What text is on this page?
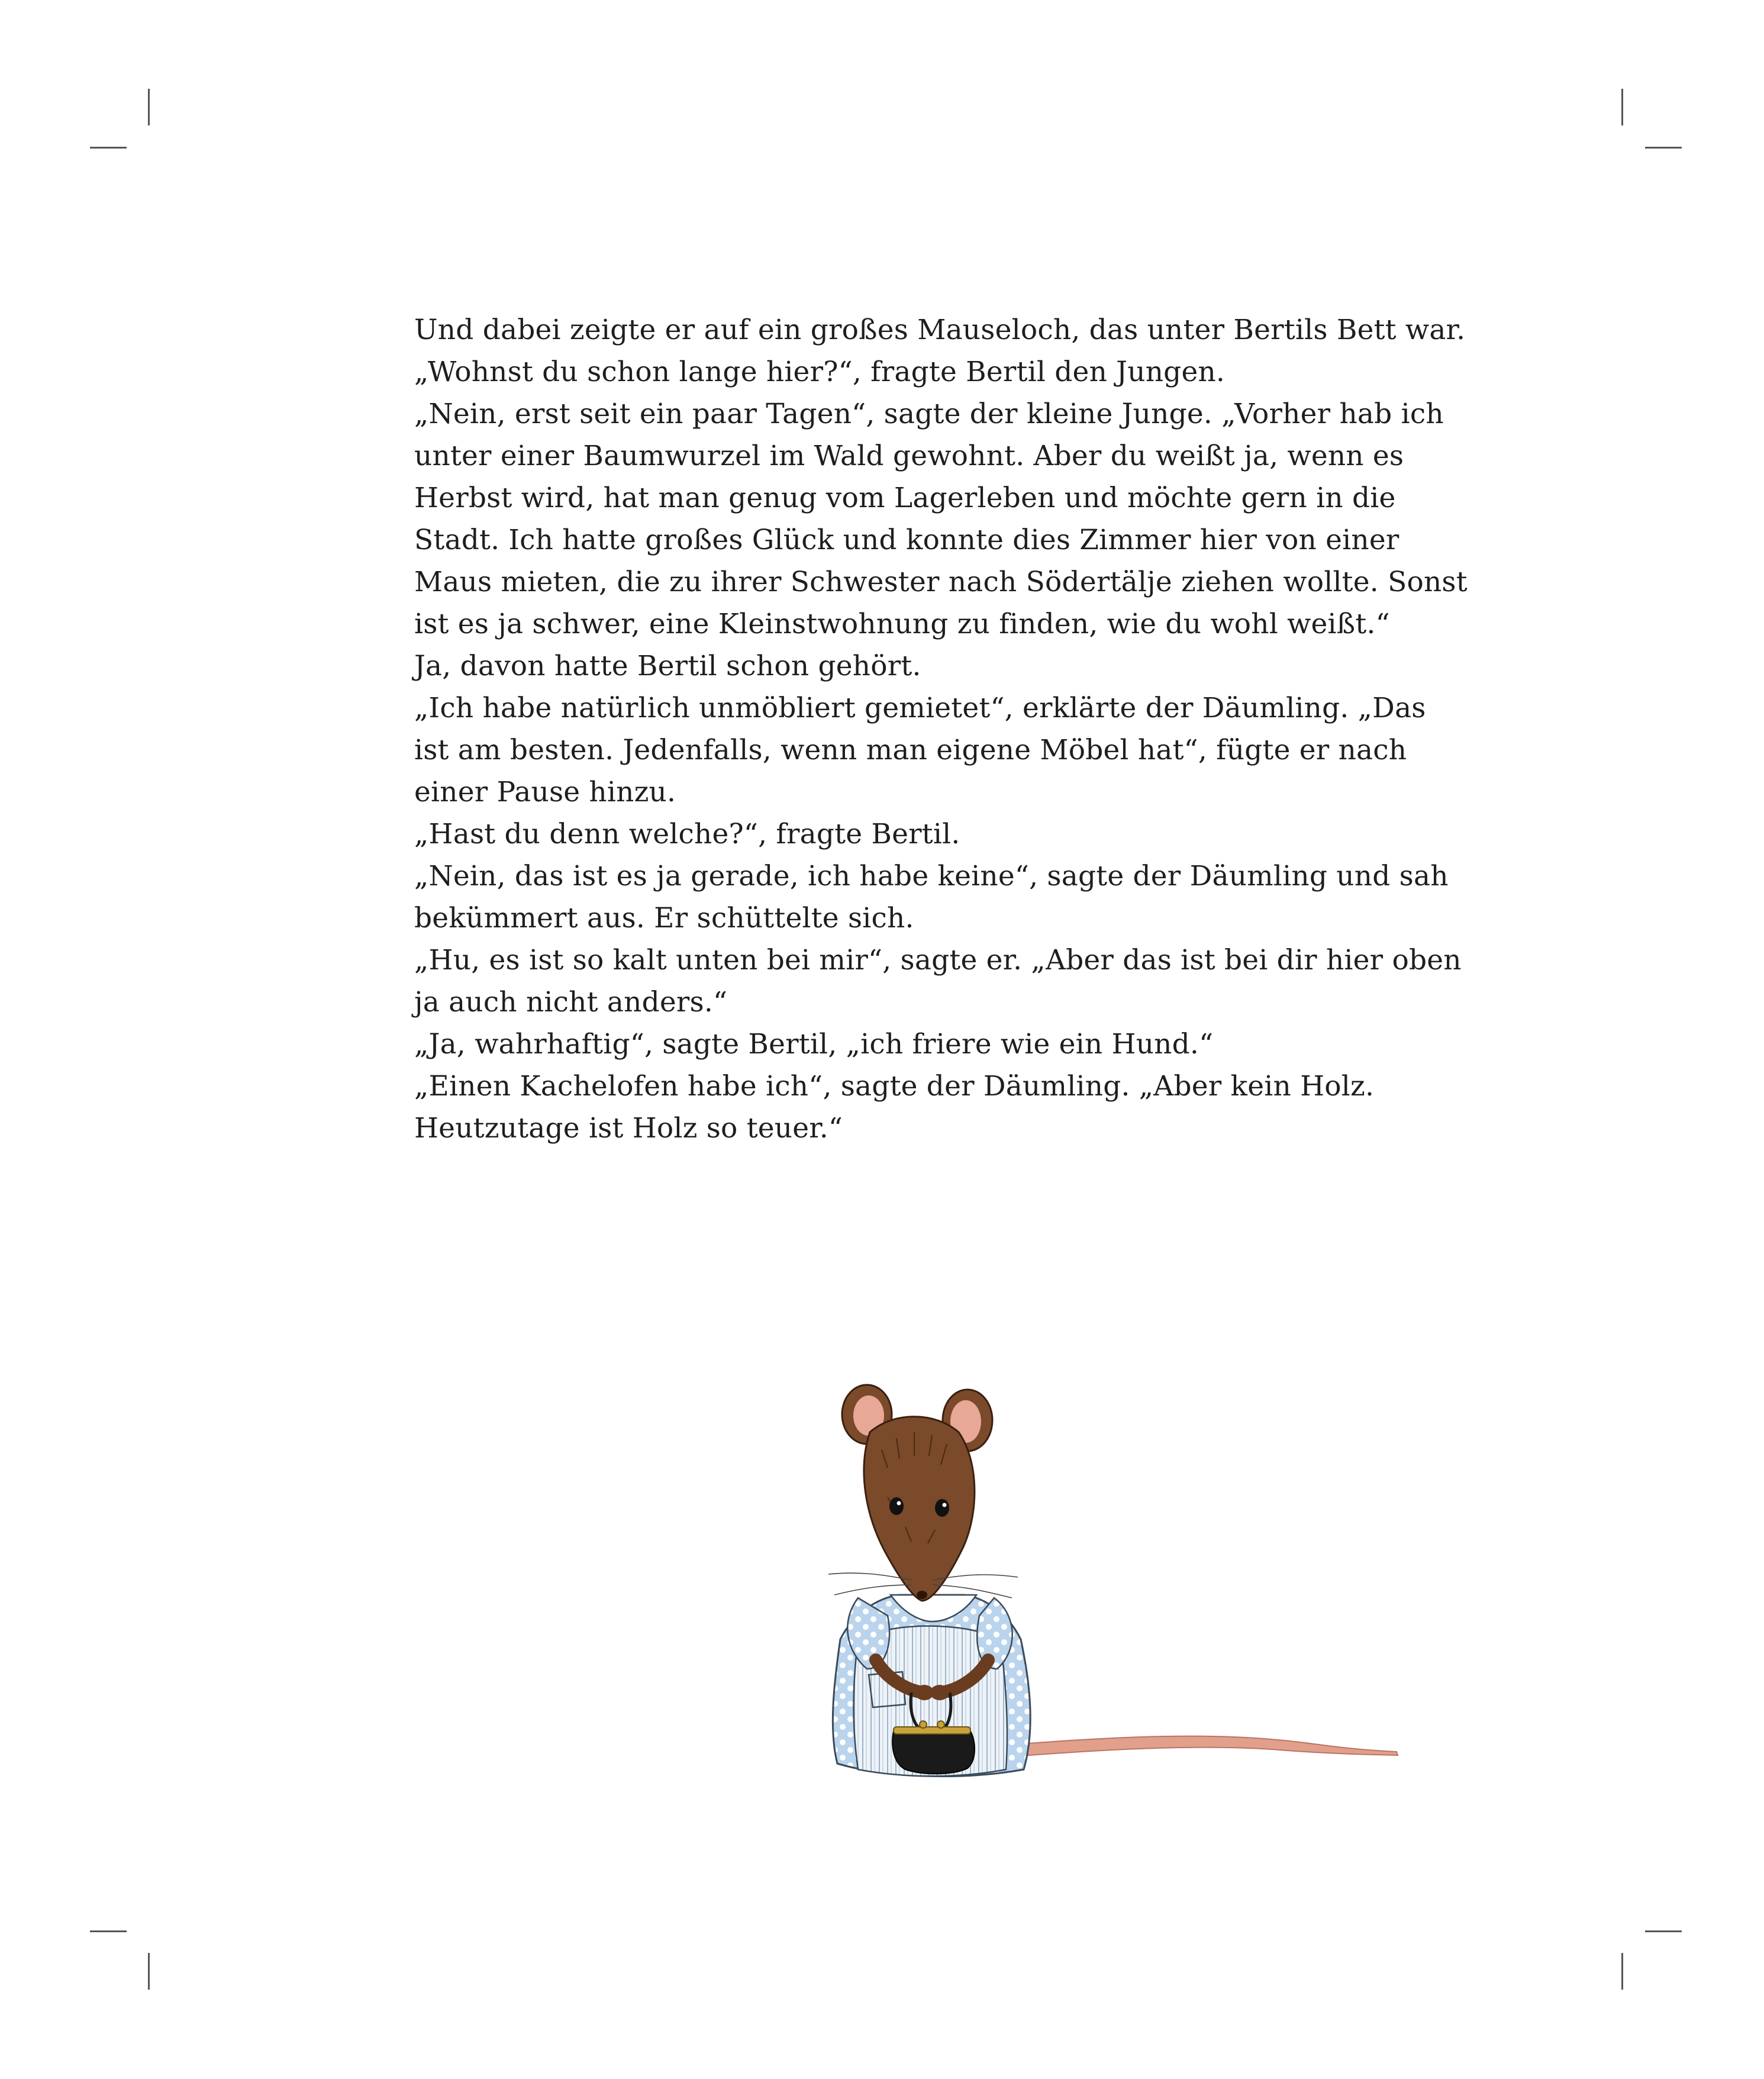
Und dabei zeigte er auf ein großes Mauseloch, das unter Bertils Bett war.
„Wohnst du schon lange hier?“, fragte Bertil den Jungen.
„Nein, erst seit ein paar Tagen“, sagte der kleine Junge. „Vorher hab ich
unter einer Baumwurzel im Wald gewohnt. Aber du weißt ja, wenn es
Herbst wird, hat man genug vom Lagerleben und möchte gern in die
Stadt. Ich hatte großes Glück und konnte dies Zimmer hier von einer
Maus mieten, die zu ihrer Schwester nach Södertälje ziehen wollte. Sonst
ist es ja schwer, eine Kleinstwohnung zu finden, wie du wohl weißt.“
Ja, davon hatte Bertil schon gehört.
„Ich habe natürlich unmöbliert gemietet“, erklärte der Däumling. „Das
ist am besten. Jedenfalls, wenn man eigene Möbel hat“, fügte er nach
einer Pause hinzu.
„Hast du denn welche?“, fragte Bertil.
„Nein, das ist es ja gerade, ich habe keine“, sagte der Däumling und sah
bekümmert aus. Er schüttelte sich.
„Hu, es ist so kalt unten bei mir“, sagte er. „Aber das ist bei dir hier oben
ja auch nicht anders.“
„Ja, wahrhaftig“, sagte Bertil, „ich friere wie ein Hund.“
„Einen Kachelofen habe ich“, sagte der Däumling. „Aber kein Holz.
Heutzutage ist Holz so teuer.“
